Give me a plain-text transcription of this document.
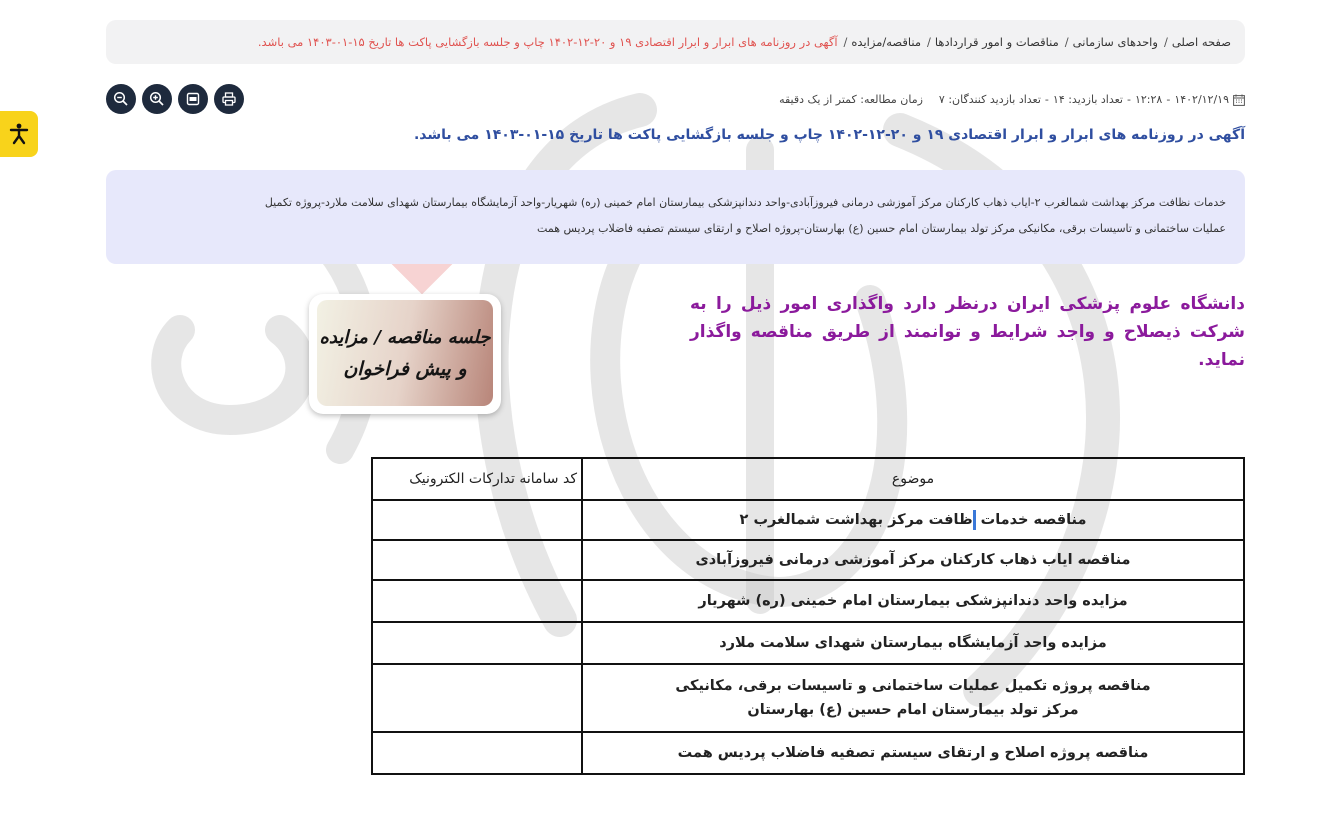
صفحه اصلی
/
واحدهای سازمانی
/
مناقصات و امور قراردادها
/
مناقصه/مزایده
/
آگهی در روزنامه های ابرار و ابرار اقتصادی ۱۹ و ۲۰-۱۲-۱۴۰۲ چاپ و جلسه بازگشایی پاکت ها تاریخ ۱۵-۰۱-۱۴۰۳ می باشد.
۱۴۰۲/۱۲/۱۹
-
۱۲:۲۸
-
تعداد بازدید: ۱۴
-
تعداد بازدید کنندگان: ۷
زمان مطالعه: کمتر از یک دقیقه
آگهی در روزنامه های ابرار و ابرار اقتصادی ۱۹ و ۲۰-۱۲-۱۴۰۲ چاپ و جلسه بازگشایی پاکت ها تاریخ ۱۵-۰۱-۱۴۰۳ می باشد.
خدمات نظافت مرکز بهداشت شمالغرب ۲-ایاب ذهاب کارکنان مرکز آموزشی درمانی فیروزآبادی-واحد دندانپزشکی بیمارستان امام خمینی (ره) شهریار-واحد آزمایشگاه بیمارستان شهدای سلامت ملارد-پروژه تکمیل
عملیات ساختمانی و تاسیسات برقی، مکانیکی مرکز تولد بیمارستان امام حسین (ع) بهارستان-پروژه اصلاح و ارتقای سیستم تصفیه فاضلاب پردیس همت
دانشگاه علوم پزشکی ایران درنظر دارد واگذاری امور ذیل را به شرکت ذیصلاح و واجد شرایط و توانمند از طریق مناقصه واگذار نماید.
جلسه مناقصه / مزایده
و پیش فراخوان
موضوع	کد سامانه تدارکات الکترونیک
مناقصه خدمات ظافت مرکز بهداشت شمالغرب ۲	
مناقصه ایاب ذهاب کارکنان مرکز آموزشی درمانی فیروزآبادی	
مزایده واحد دندانپزشکی بیمارستان امام خمینی (ره) شهریار	
مزایده واحد آزمایشگاه بیمارستان شهدای سلامت ملارد	

مناقصه پروژه تکمیل عملیات ساختمانی و تاسیسات برقی، مکانیکی
مرکز تولد بیمارستان امام حسین (ع) بهارستان	

مناقصه پروژه اصلاح و ارتقای سیستم تصفیه فاضلاب پردیس همت	
